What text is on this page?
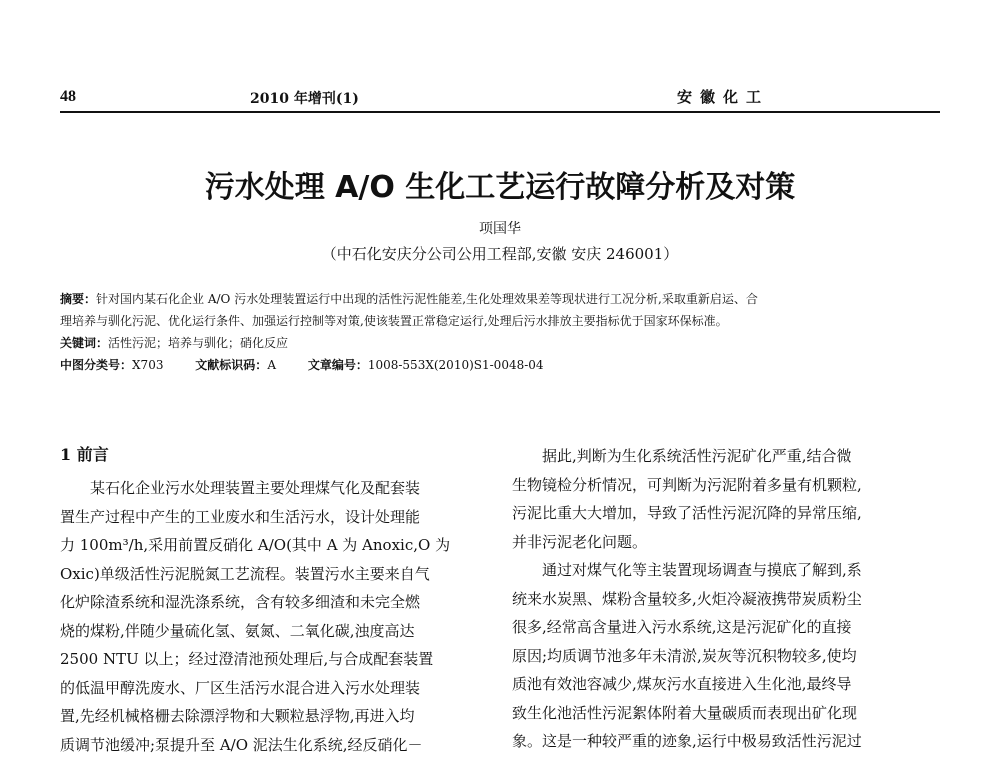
48	2010 年增刊(1)	安徽化工
污水处理 A/O 生化工艺运行故障分析及对策
项国华
（中石化安庆分公司公用工程部,安徽 安庆 246001）
摘要：针对国内某石化企业 A/O 污水处理装置运行中出现的活性污泥性能差,生化处理效果差等现状进行工况分析,采取重新启运、合
理培养与驯化污泥、优化运行条件、加强运行控制等对策,使该装置正常稳定运行,处理后污水排放主要指标优于国家环保标准。
关键词：活性污泥；培养与驯化；硝化反应
中图分类号：X703	文献标识码：A	文章编号：1008-553X(2010)S1-0048-04
1 前言
某石化企业污水处理装置主要处理煤气化及配套装
置生产过程中产生的工业废水和生活污水，设计处理能
力 100m³/h,采用前置反硝化 A/O(其中 A 为 Anoxic,O 为
Oxic)单级活性污泥脱氮工艺流程。装置污水主要来自气
化炉除渣系统和湿洗涤系统，含有较多细渣和未完全燃
烧的煤粉,伴随少量硫化氢、氨氮、二氧化碳,浊度高达
2500 NTU 以上；经过澄清池预处理后,与合成配套装置
的低温甲醇洗废水、厂区生活污水混合进入污水处理装
置,先经机械格栅去除漂浮物和大颗粒悬浮物,再进入均
质调节池缓冲;泵提升至 A/O 泥法生化系统,经反硝化－
据此,判断为生化系统活性污泥矿化严重,结合微
生物镜检分析情况，可判断为污泥附着多量有机颗粒,
污泥比重大大增加，导致了活性污泥沉降的异常压缩,
并非污泥老化问题。
通过对煤气化等主装置现场调查与摸底了解到,系
统来水炭黑、煤粉含量较多,火炬冷凝液携带炭质粉尘
很多,经常高含量进入污水系统,这是污泥矿化的直接
原因;均质调节池多年未清淤,炭灰等沉积物较多,使均
质池有效池容减少,煤灰污水直接进入生化池,最终导
致生化池活性污泥絮体附着大量碳质而表现出矿化现
象。这是一种较严重的迹象,运行中极易致活性污泥过
